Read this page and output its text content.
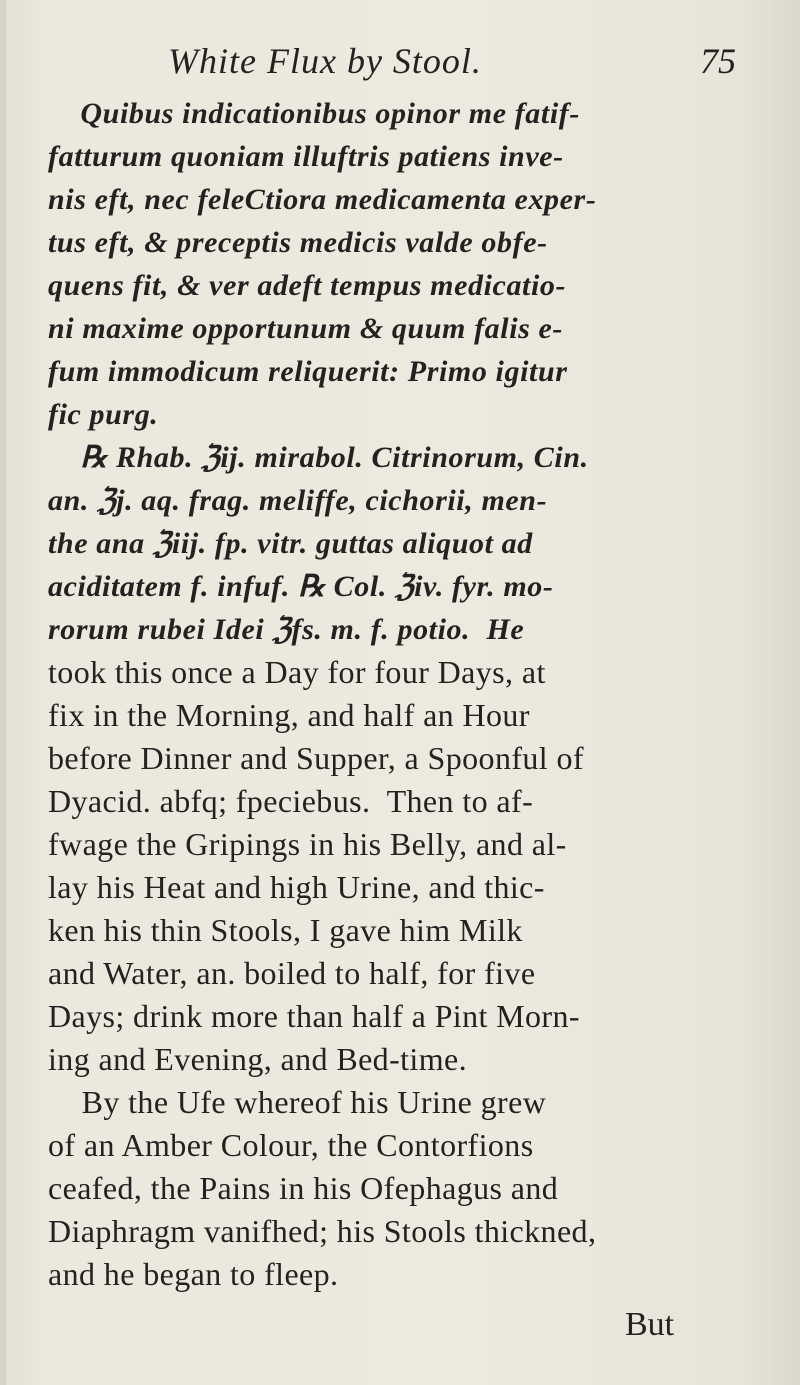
White Flux by Stool.	75
Quibus indicationibus opinor me fatif-
fatturum quoniam illuftris patiens inve-
nis eft, nec feleCtiora medicamenta exper-
tus eft, & preceptis medicis valde obfe-
quens fit, & ver adeft tempus medicatio-
ni maxime opportunum & quum falis e-
fum immodicum reliquerit: Primo igitur
fic purg.
℞ Rhab. ℨij. mirabol. Citrinorum, Cin.
an. ℨj. aq. frag. meliffe, cichorii, men-
the ana ℨiij. fp. vitr. guttas aliquot ad
aciditatem f. infuf. ℞ Col. ℨiv. fyr. mo-
rorum rubei Idei ℨfs. m. f. potio.  He
took this once a Day for four Days, at
fix in the Morning, and half an Hour
before Dinner and Supper, a Spoonful of
Dyacid. abfq; fpeciebus.  Then to af-
fwage the Gripings in his Belly, and al-
lay his Heat and high Urine, and thic-
ken his thin Stools, I gave him Milk
and Water, an. boiled to half, for five
Days; drink more than half a Pint Morn-
ing and Evening, and Bed-time.
By the Ufe whereof his Urine grew
of an Amber Colour, the Contorfions
ceafed, the Pains in his Ofephagus and
Diaphragm vanifhed; his Stools thickned,
and he began to fleep.
But
